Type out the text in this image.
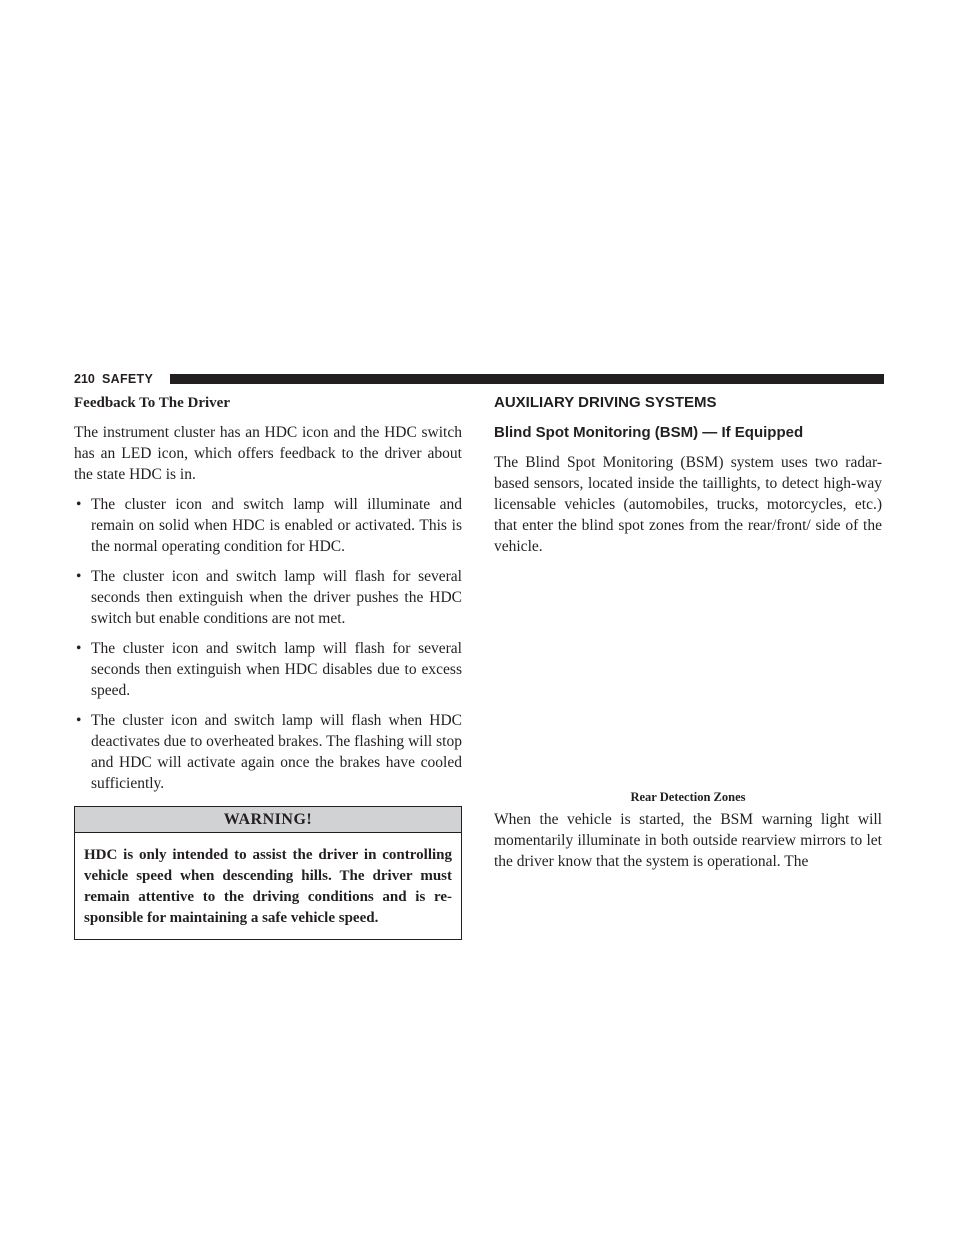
210 SAFETY

Feedback To The Driver

The instrument cluster has an HDC icon and the HDC switch has an LED icon, which offers feedback to the driver about the state HDC is in.

• The cluster icon and switch lamp will illuminate and remain on solid when HDC is enabled or activated. This is the normal operating condition for HDC.
• The cluster icon and switch lamp will flash for several seconds then extinguish when the driver pushes the HDC switch but enable conditions are not met.
• The cluster icon and switch lamp will flash for several seconds then extinguish when HDC disables due to excess speed.
• The cluster icon and switch lamp will flash when HDC deactivates due to overheated brakes. The flashing will stop and HDC will activate again once the brakes have cooled sufficiently.
WARNING!
HDC is only intended to assist the driver in controlling vehicle speed when descending hills. The driver must remain attentive to the driving conditions and is re-sponsible for maintaining a safe vehicle speed.

AUXILIARY DRIVING SYSTEMS

Blind Spot Monitoring (BSM) — If Equipped

The Blind Spot Monitoring (BSM) system uses two radar-based sensors, located inside the taillights, to detect high-way licensable vehicles (automobiles, trucks, motorcycles, etc.) that enter the blind spot zones from the rear/front/ side of the vehicle.

Rear Detection Zones

When the vehicle is started, the BSM warning light will momentarily illuminate in both outside rearview mirrors to let the driver know that the system is operational. The
